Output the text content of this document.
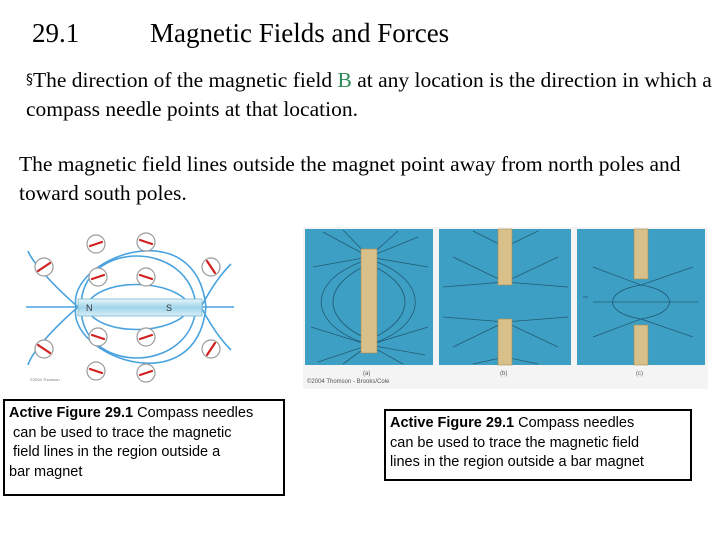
29.1	Magnetic Fields and Forces
§The direction of the magnetic field B at any location is the direction in which a compass needle points at that location.
The magnetic field lines outside the magnet point away from north poles and toward south poles.
N	S
©2004 Thomson	©2004 Thomson - Brooks/Cole
(a)	(b)	(c)
Active Figure 29.1 Compass needles
can be used to trace the magnetic
field lines in the region outside a
bar magnet
Active Figure 29.1 Compass needles
can be used to trace the magnetic field
lines in the region outside a bar magnet
